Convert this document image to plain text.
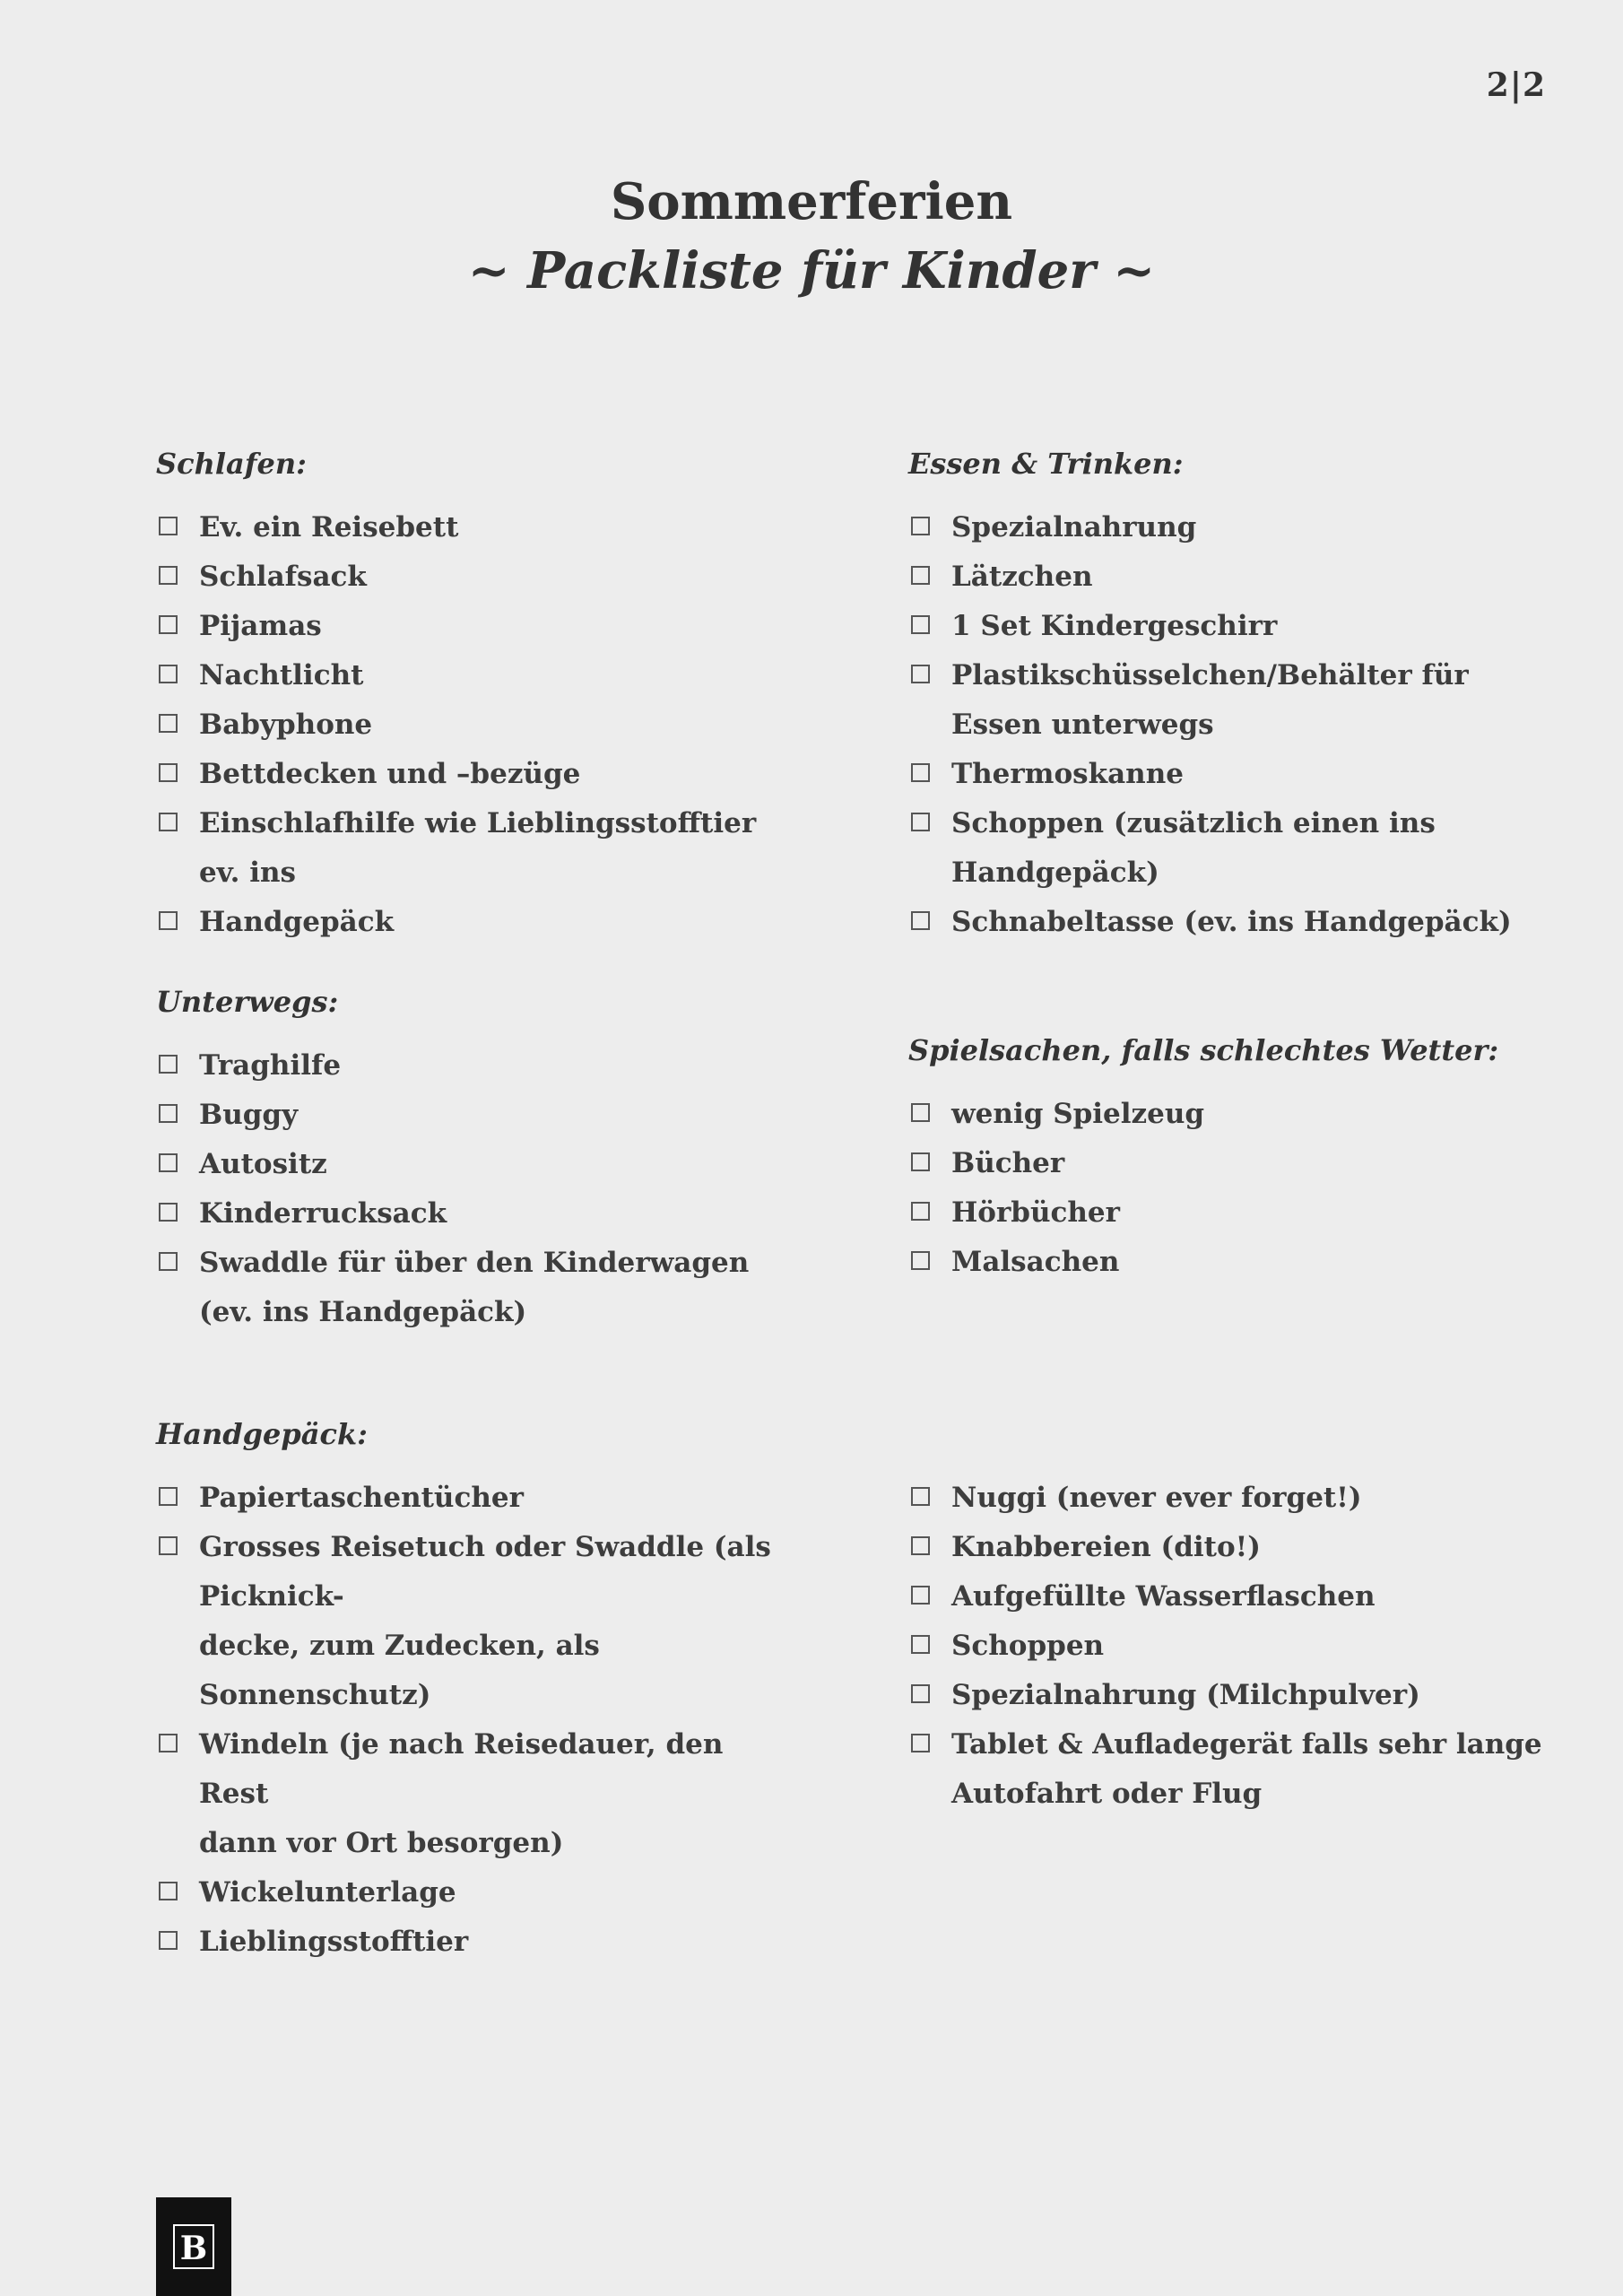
2|2
Sommerferien
~ Packliste für Kinder ~
Schlafen:
Ev. ein Reisebett
Schlafsack
Pijamas
Nachtlicht
Babyphone
Bettdecken und –bezüge
Einschlafhilfe wie Lieblingsstofftier ev. ins
Handgepäck
Essen & Trinken:
Spezialnahrung
Lätzchen
1 Set Kindergeschirr
Plastikschüsselchen/Behälter für
Essen unterwegs
Thermoskanne
Schoppen (zusätzlich einen ins
Handgepäck)
Schnabeltasse (ev. ins Handgepäck)
Unterwegs:
Traghilfe
Buggy
Autositz
Kinderrucksack
Swaddle für über den Kinderwagen
(ev. ins Handgepäck)
Spielsachen, falls schlechtes Wetter:
wenig Spielzeug
Bücher
Hörbücher
Malsachen
Handgepäck:
Papiertaschentücher
Grosses Reisetuch oder Swaddle (als Picknick-
decke, zum Zudecken, als Sonnenschutz)
Windeln (je nach Reisedauer, den Rest
dann vor Ort besorgen)
Wickelunterlage
Lieblingsstofftier
Nuggi (never ever forget!)
Knabbereien (dito!)
Aufgefüllte Wasserflaschen
Schoppen
Spezialnahrung (Milchpulver)
Tablet & Aufladegerät falls sehr lange
Autofahrt oder Flug
B
